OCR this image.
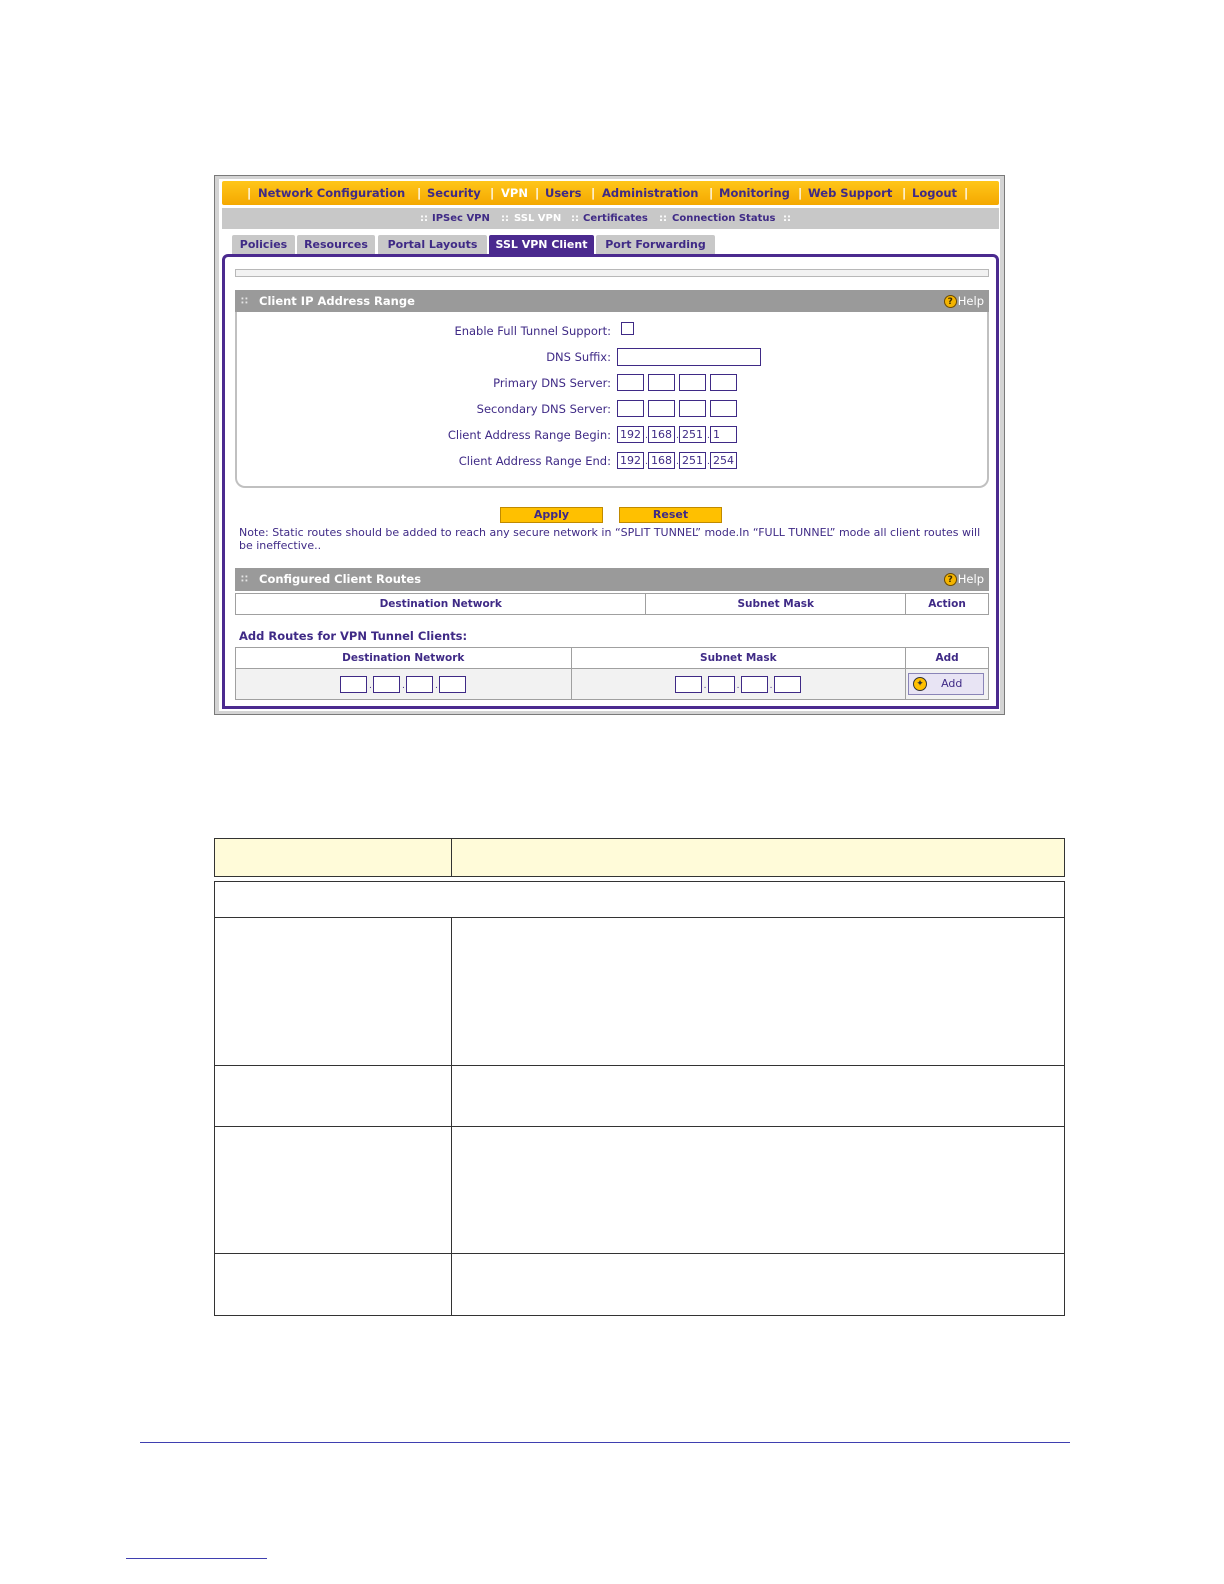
| Network Configuration | Security | VPN | Users | Administration | Monitoring | Web Support | Logout |
:: IPSec VPN :: SSL VPN :: Certificates :: Connection Status ::
Policies	Resources	Portal Layouts	SSL VPN Client	Port Forwarding
∷ Client IP Address Range	? Help
Enable Full Tunnel Support:
DNS Suffix:
Primary DNS Server:
Secondary DNS Server:
Client Address Range Begin: 192 . 168 . 251 . 1
Client Address Range End: 192 . 168 . 251 . 254
Apply	Reset
Note: Static routes should be added to reach any secure network in “SPLIT TUNNEL” mode.In “FULL TUNNEL” mode all client routes will be ineffective..
∷ Configured Client Routes	? Help
Destination Network	Subnet Mask	Action
Add Routes for VPN Tunnel Clients:
Destination Network	Subnet Mask	Add

. . .	. . .	✦ Add
